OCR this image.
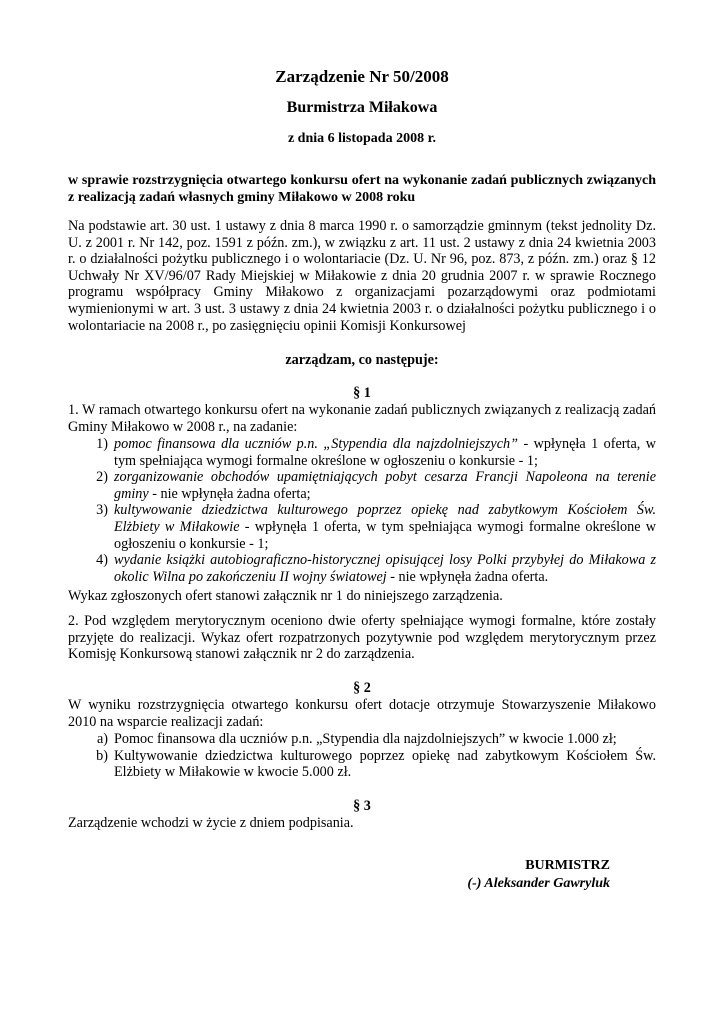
Zarządzenie Nr 50/2008
Burmistrza Miłakowa
z dnia 6 listopada 2008 r.
w sprawie rozstrzygnięcia otwartego konkursu ofert na wykonanie zadań publicznych związanych z realizacją zadań własnych gminy Miłakowo w 2008 roku
Na podstawie art. 30 ust. 1 ustawy z dnia 8 marca 1990 r. o samorządzie gminnym (tekst jednolity Dz. U. z 2001 r. Nr 142, poz. 1591 z późn. zm.), w związku z art. 11 ust. 2 ustawy z dnia 24 kwietnia 2003 r. o działalności pożytku publicznego i o wolontariacie (Dz. U. Nr 96, poz. 873, z późn. zm.) oraz § 12 Uchwały Nr XV/96/07 Rady Miejskiej w Miłakowie z dnia 20 grudnia 2007 r. w sprawie Rocznego programu współpracy Gminy Miłakowo z organizacjami pozarządowymi oraz podmiotami wymienionymi w art. 3 ust. 3 ustawy z dnia 24 kwietnia 2003 r. o działalności pożytku publicznego i o wolontariacie na 2008 r., po zasięgnięciu opinii Komisji Konkursowej
zarządzam, co następuje:
§ 1
1. W ramach otwartego konkursu ofert na wykonanie zadań publicznych związanych z realizacją zadań Gminy Miłakowo w 2008 r., na zadanie:
1) pomoc finansowa dla uczniów p.n. „Stypendia dla najzdolniejszych” - wpłynęła 1 oferta, w tym spełniająca wymogi formalne określone w ogłoszeniu o konkursie - 1;
2) zorganizowanie obchodów upamiętniających pobyt cesarza Francji Napoleona na terenie gminy - nie wpłynęła żadna oferta;
3) kultywowanie dziedzictwa kulturowego poprzez opiekę nad zabytkowym Kościołem Św. Elżbiety w Miłakowie - wpłynęła 1 oferta, w tym spełniająca wymogi formalne określone w ogłoszeniu o konkursie - 1;
4) wydanie książki autobiograficzno-historycznej opisującej losy Polki przybyłej do Miłakowa z okolic Wilna po zakończeniu II wojny światowej - nie wpłynęła żadna oferta.
Wykaz zgłoszonych ofert stanowi załącznik nr 1 do niniejszego zarządzenia.
2. Pod względem merytorycznym oceniono dwie oferty spełniające wymogi formalne, które zostały przyjęte do realizacji. Wykaz ofert rozpatrzonych pozytywnie pod względem merytorycznym przez Komisję Konkursową stanowi załącznik nr 2 do zarządzenia.
§ 2
W wyniku rozstrzygnięcia otwartego konkursu ofert dotacje otrzymuje Stowarzyszenie Miłakowo 2010 na wsparcie realizacji zadań:
a) Pomoc finansowa dla uczniów p.n. „Stypendia dla najzdolniejszych” w kwocie 1.000 zł;
b) Kultywowanie dziedzictwa kulturowego poprzez opiekę nad zabytkowym Kościołem Św. Elżbiety w Miłakowie w kwocie 5.000 zł.
§ 3
Zarządzenie wchodzi w życie z dniem podpisania.
BURMISTRZ
(-) Aleksander Gawryluk
